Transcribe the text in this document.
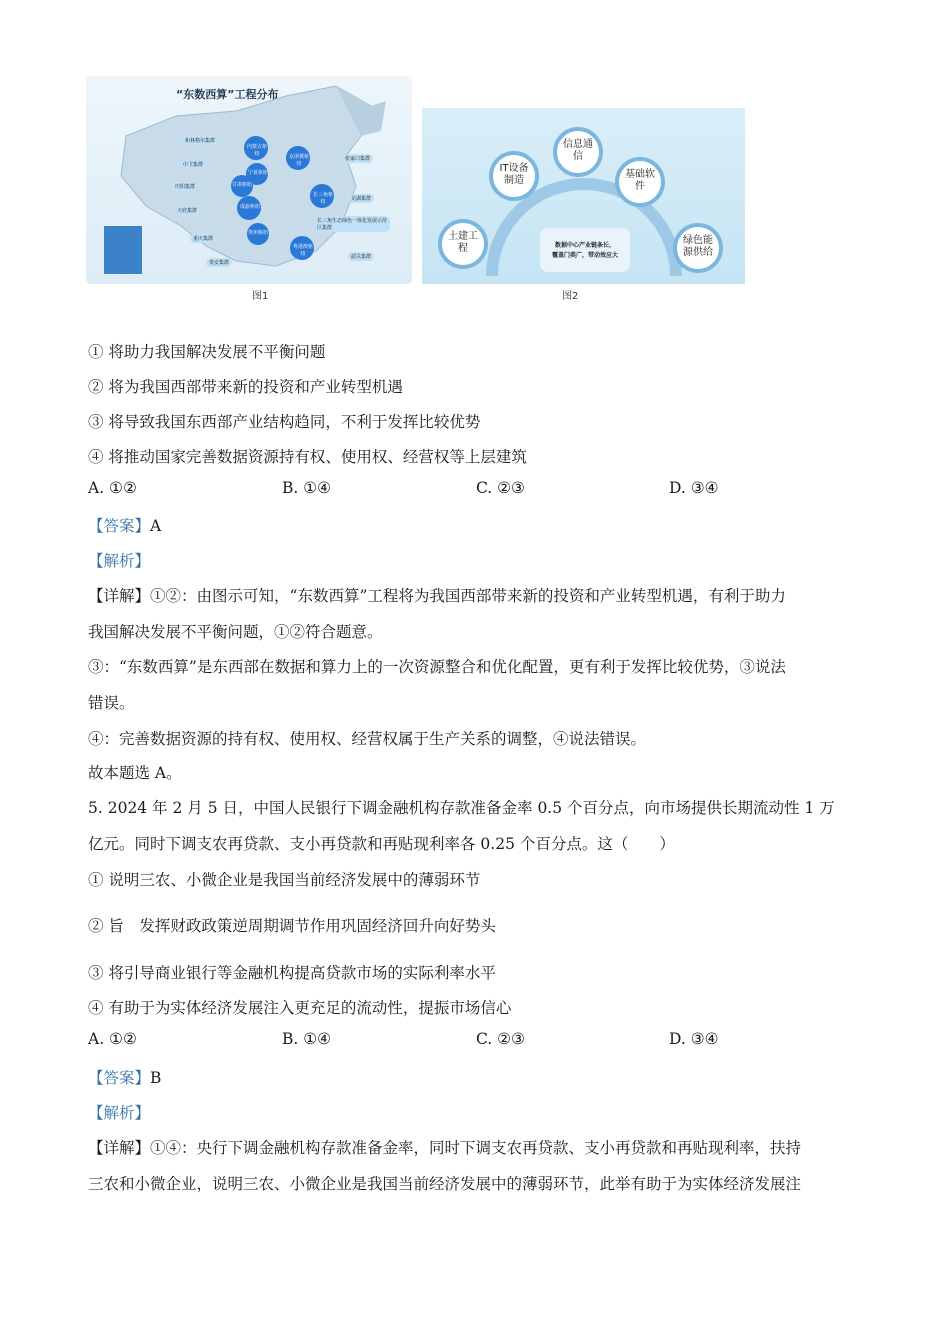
“东数西算”工程分布
内蒙古枢纽	京津冀枢纽
宁夏枢纽
甘肃枢纽
成渝枢纽
长三角枢纽
贵州枢纽
粤港澳枢纽
和林格尔集群
张家口集群
中卫集群
庆阳集群
天府集群
重庆集群
芜湖集群
长三角生态绿色一体化发展示范区集群
韶关集群
贵安集群
图1
信息通信
IT设备制造
基础软件
土建工程
绿色能源供给
数据中心产业链条长、
覆盖门类广，带动效应大
图2
① 将助力我国解决发展不平衡问题
② 将为我国西部带来新的投资和产业转型机遇
③ 将导致我国东西部产业结构趋同，不利于发挥比较优势
④ 将推动国家完善数据资源持有权、使用权、经营权等上层建筑
A. ①②	B. ①④	C. ②③	D. ③④
【答案】A
【解析】
【详解】①②：由图示可知，“东数西算”工程将为我国西部带来新的投资和产业转型机遇，有利于助力
我国解决发展不平衡问题，①②符合题意。
③：“东数西算”是东西部在数据和算力上的一次资源整合和优化配置，更有利于发挥比较优势，③说法
错误。
④：完善数据资源的持有权、使用权、经营权属于生产关系的调整，④说法错误。
故本题选 A。
5. 2024 年 2 月 5 日，中国人民银行下调金融机构存款准备金率 0.5 个百分点，向市场提供长期流动性 1 万
亿元。同时下调支农再贷款、支小再贷款和再贴现利率各 0.25 个百分点。这（　　）
① 说明三农、小微企业是我国当前经济发展中的薄弱环节
② 旨　发挥财政政策逆周期调节作用巩固经济回升向好势头
③ 将引导商业银行等金融机构提高贷款市场的实际利率水平
④ 有助于为实体经济发展注入更充足的流动性，提振市场信心
A. ①②	B. ①④	C. ②③	D. ③④
【答案】B
【解析】
【详解】①④：央行下调金融机构存款准备金率，同时下调支农再贷款、支小再贷款和再贴现利率，扶持
三农和小微企业，说明三农、小微企业是我国当前经济发展中的薄弱环节，此举有助于为实体经济发展注
